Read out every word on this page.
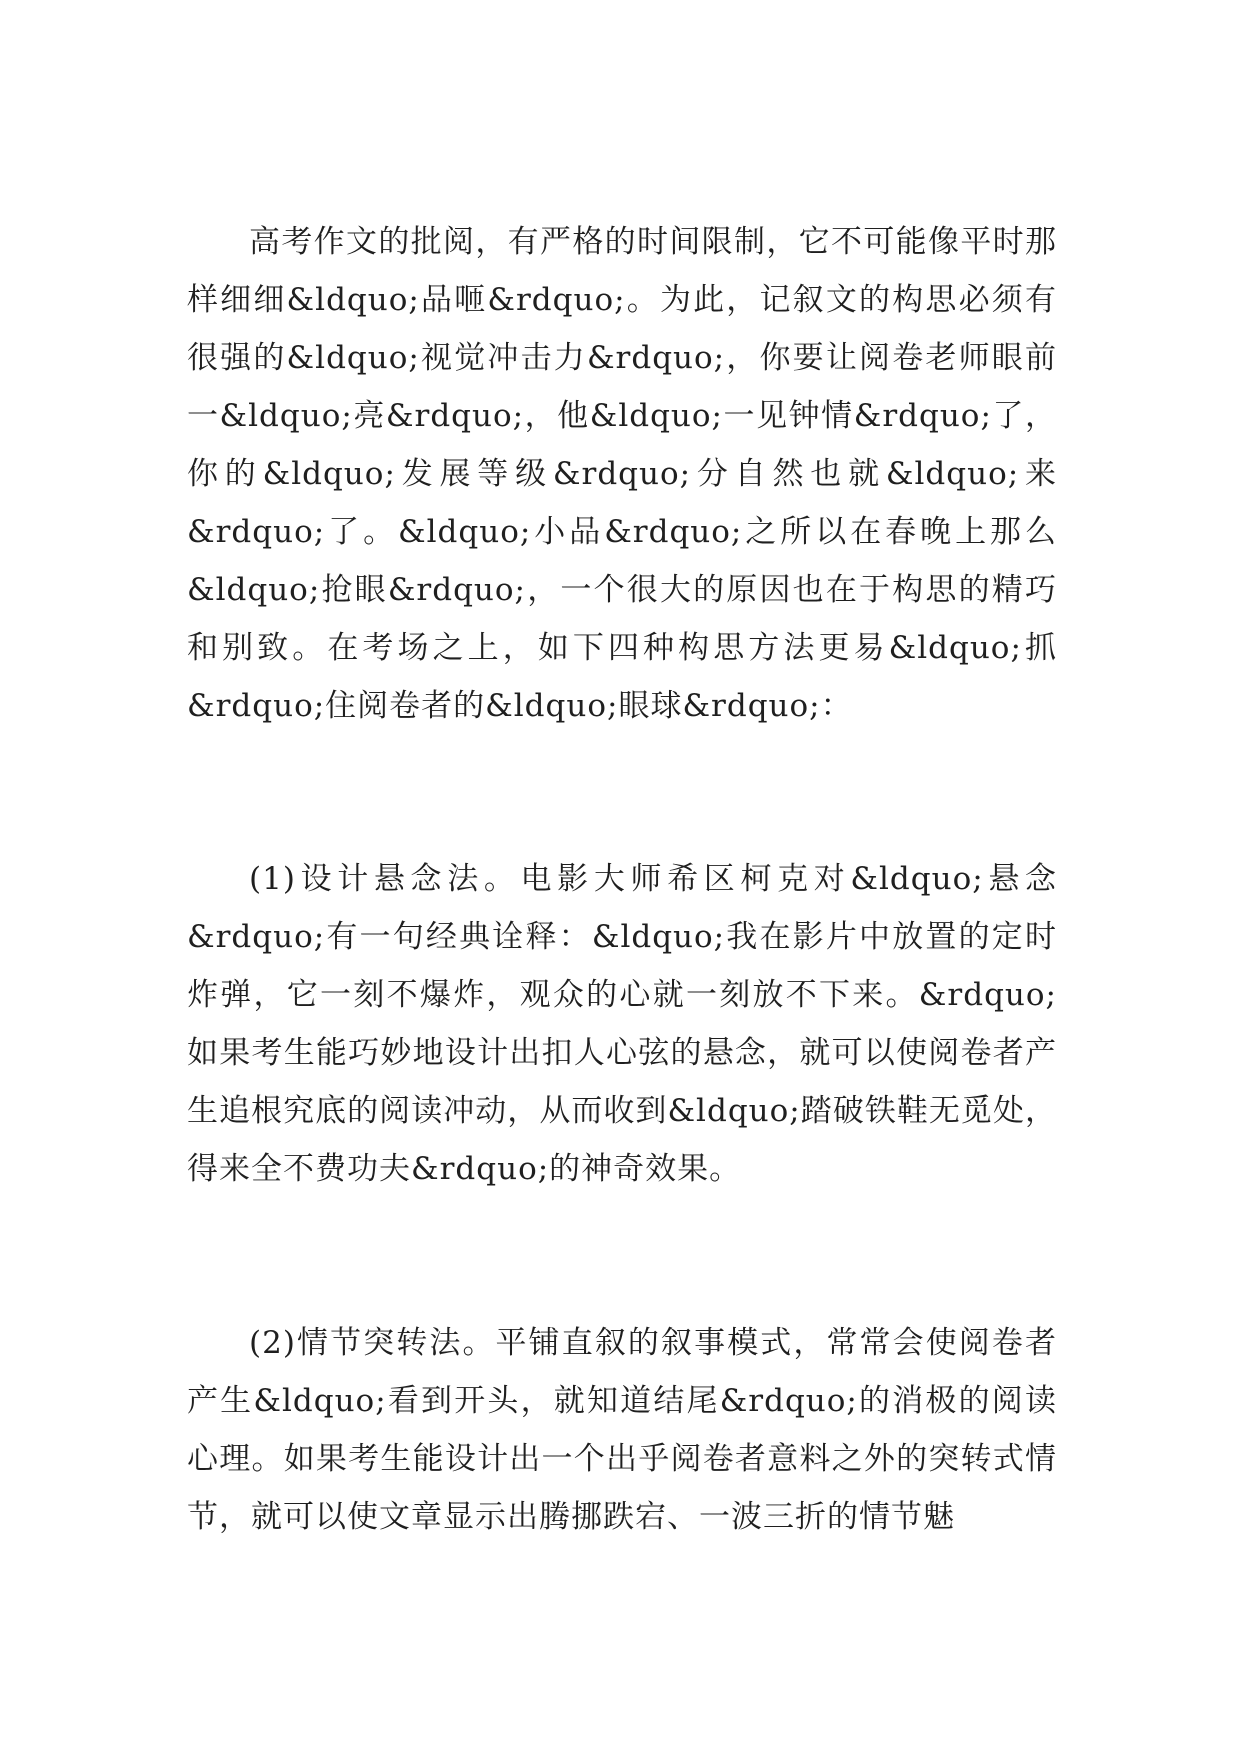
高考作文的批阅，有严格的时间限制，它不可能像平时那样细细&ldquo;品咂&rdquo;。为此，记叙文的构思必须有很强的&ldquo;视觉冲击力&rdquo;，你要让阅卷老师眼前一&ldquo;亮&rdquo;，他&ldquo;一见钟情&rdquo;了，你的&ldquo;发展等级&rdquo;分自然也就&ldquo;来&rdquo;了。&ldquo;小品&rdquo;之所以在春晚上那么&ldquo;抢眼&rdquo;，一个很大的原因也在于构思的精巧和别致。在考场之上，如下四种构思方法更易&ldquo;抓&rdquo;住阅卷者的&ldquo;眼球&rdquo;：

(1)设计悬念法。电影大师希区柯克对&ldquo;悬念&rdquo;有一句经典诠释：&ldquo;我在影片中放置的定时炸弹，它一刻不爆炸，观众的心就一刻放不下来。&rdquo;如果考生能巧妙地设计出扣人心弦的悬念，就可以使阅卷者产生追根究底的阅读冲动，从而收到&ldquo;踏破铁鞋无觅处，得来全不费功夫&rdquo;的神奇效果。

(2)情节突转法。平铺直叙的叙事模式，常常会使阅卷者产生&ldquo;看到开头，就知道结尾&rdquo;的消极的阅读心理。如果考生能设计出一个出乎阅卷者意料之外的突转式情节，就可以使文章显示出腾挪跌宕、一波三折的情节魅
